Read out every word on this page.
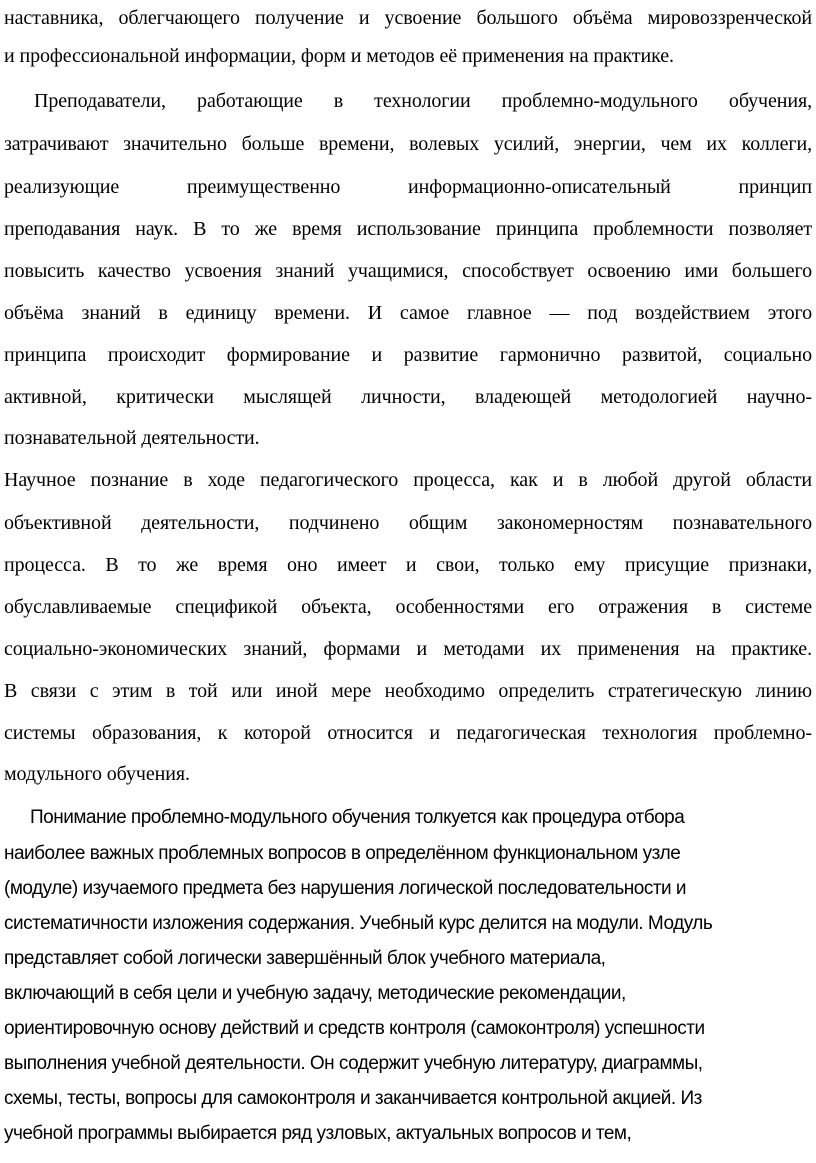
наставника, облегчающего получение и усвоение большого объёма мировоззренческой
и профессиональной информации, форм и методов её применения на практике.
Преподаватели, работающие в технологии проблемно-модульного обучения,
затрачивают значительно больше времени, волевых усилий, энергии, чем их коллеги,
реализующие преимущественно информационно-описательный принцип
преподавания наук. В то же время использование принципа проблемности позволяет
повысить качество усвоения знаний учащимися, способствует освоению ими большего
объёма знаний в единицу времени. И самое главное — под воздействием этого
принципа происходит формирование и развитие гармонично развитой, социально
активной, критически мыслящей личности, владеющей методологией научно-
познавательной деятельности.
Научное познание в ходе педагогического процесса, как и в любой другой области
объективной деятельности, подчинено общим закономерностям познавательного
процесса. В то же время оно имеет и свои, только ему присущие признаки,
обуславливаемые спецификой объекта, особенностями его отражения в системе
социально-экономических знаний, формами и методами их применения на практике.
В связи с этим в той или иной мере необходимо определить стратегическую линию
системы образования, к которой относится и педагогическая технология проблемно-
модульного обучения.
Понимание проблемно-модульного обучения толкуется как процедура отбора
наиболее важных проблемных вопросов в определённом функциональном узле
(модуле) изучаемого предмета без нарушения логической последовательности и
систематичности изложения содержания. Учебный курс делится на модули. Модуль
представляет собой логически завершённый блок учебного материала,
включающий в себя цели и учебную задачу, методические рекомендации,
ориентировочную основу действий и средств контроля (самоконтроля) успешности
выполнения учебной деятельности. Он содержит учебную литературу, диаграммы,
схемы, тесты, вопросы для самоконтроля и заканчивается контрольной акцией. Из
учебной программы выбирается ряд узловых, актуальных вопросов и тем,
